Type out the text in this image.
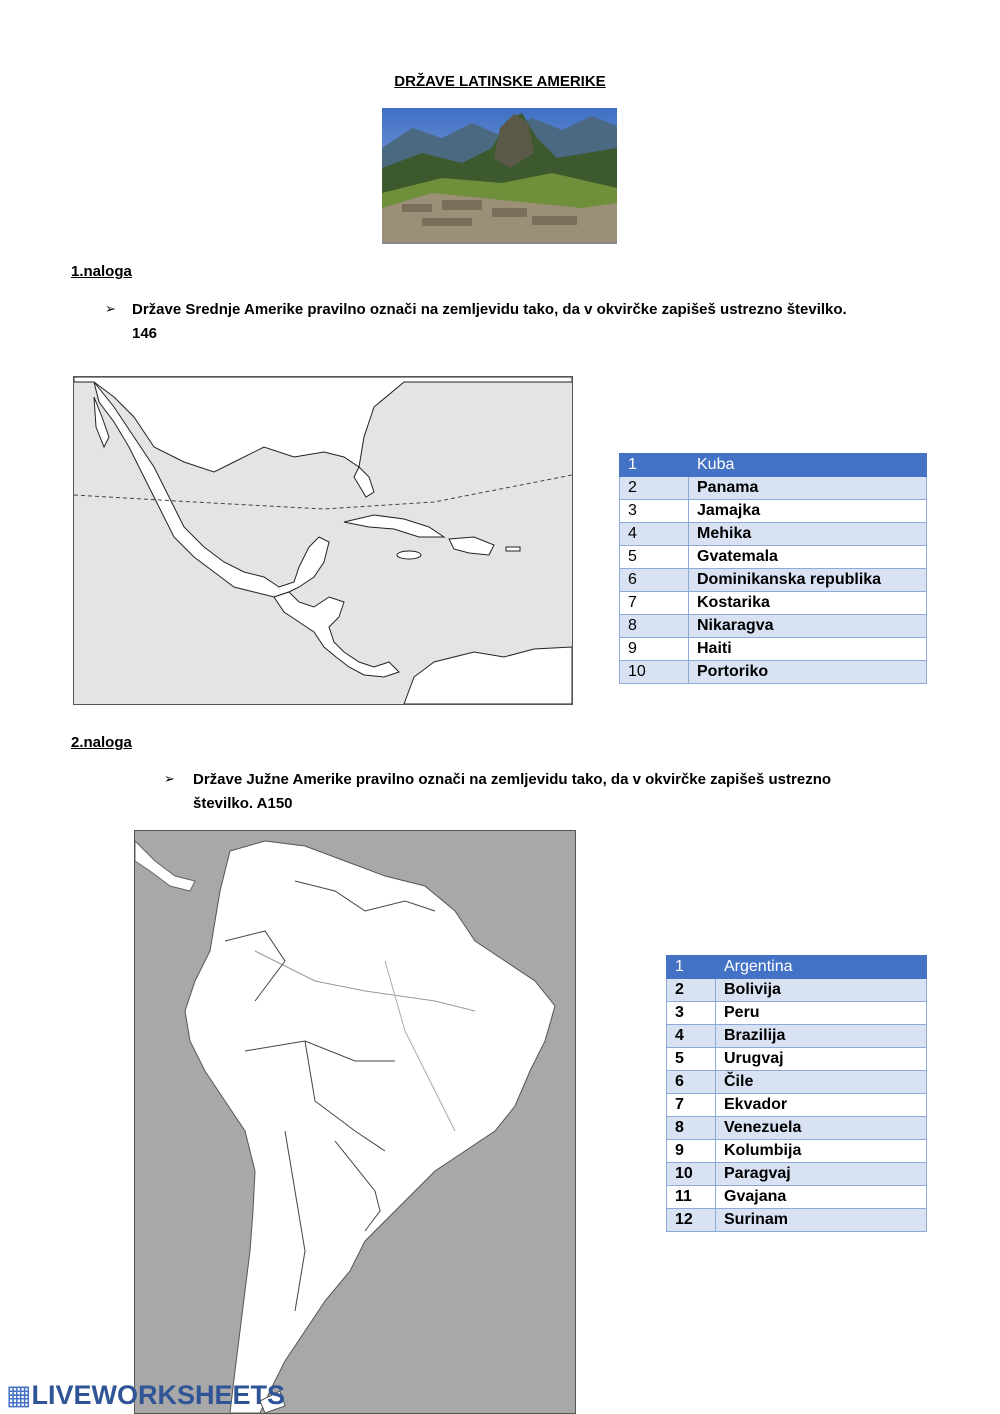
DRŽAVE LATINSKE AMERIKE
1.naloga
➢ Države Srednje Amerike pravilno označi na zemljevidu tako, da v okvirčke zapišeš ustrezno številko.
146
1	Kuba
2	Panama
3	Jamajka
4	Mehika
5	Gvatemala
6	Dominikanska republika
7	Kostarika
8	Nikaragva
9	Haiti
10	Portoriko
2.naloga
➢ Države Južne Amerike pravilno označi na zemljevidu tako, da v okvirčke zapišeš ustrezno
številko. A150
1	Argentina
2	Bolivija
3	Peru
4	Brazilija
5	Urugvaj
6	Čile
7	Ekvador
8	Venezuela
9	Kolumbija
10	Paragvaj
11	Gvajana
12	Surinam
▦LIVEWORKSHEETS
